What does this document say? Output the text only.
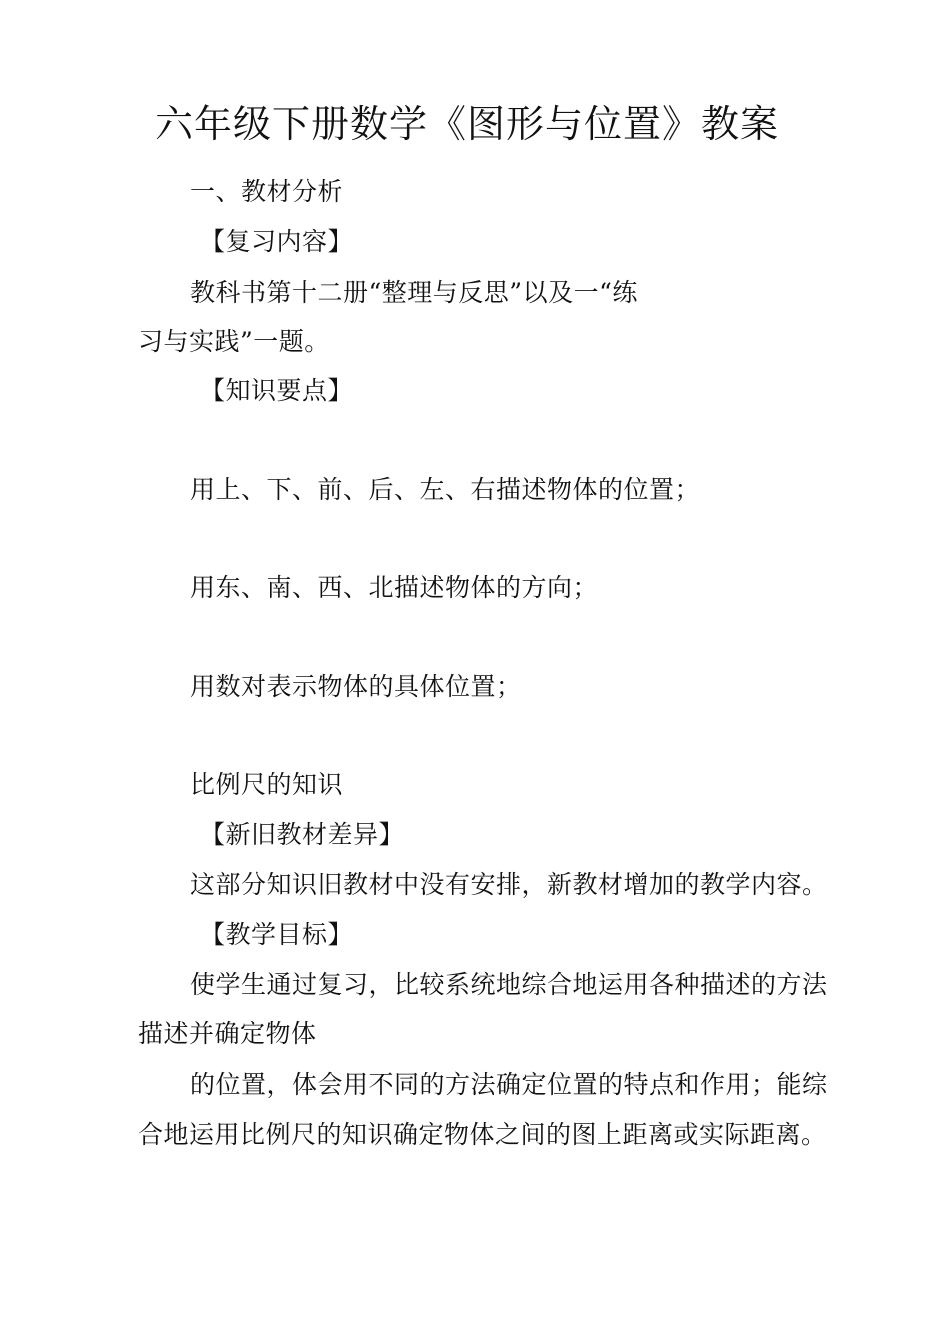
六年级下册数学《图形与位置》教案
一、教材分析
【复习内容】
教科书第十二册“整理与反思”以及一“练
习与实践”一题。
【知识要点】
用上、下、前、后、左、右描述物体的位置；
用东、南、西、北描述物体的方向；
用数对表示物体的具体位置；
比例尺的知识
【新旧教材差异】
这部分知识旧教材中没有安排，新教材增加的教学内容。
【教学目标】
使学生通过复习，比较系统地综合地运用各种描述的方法
描述并确定物体
的位置，体会用不同的方法确定位置的特点和作用；能综
合地运用比例尺的知识确定物体之间的图上距离或实际距离。
